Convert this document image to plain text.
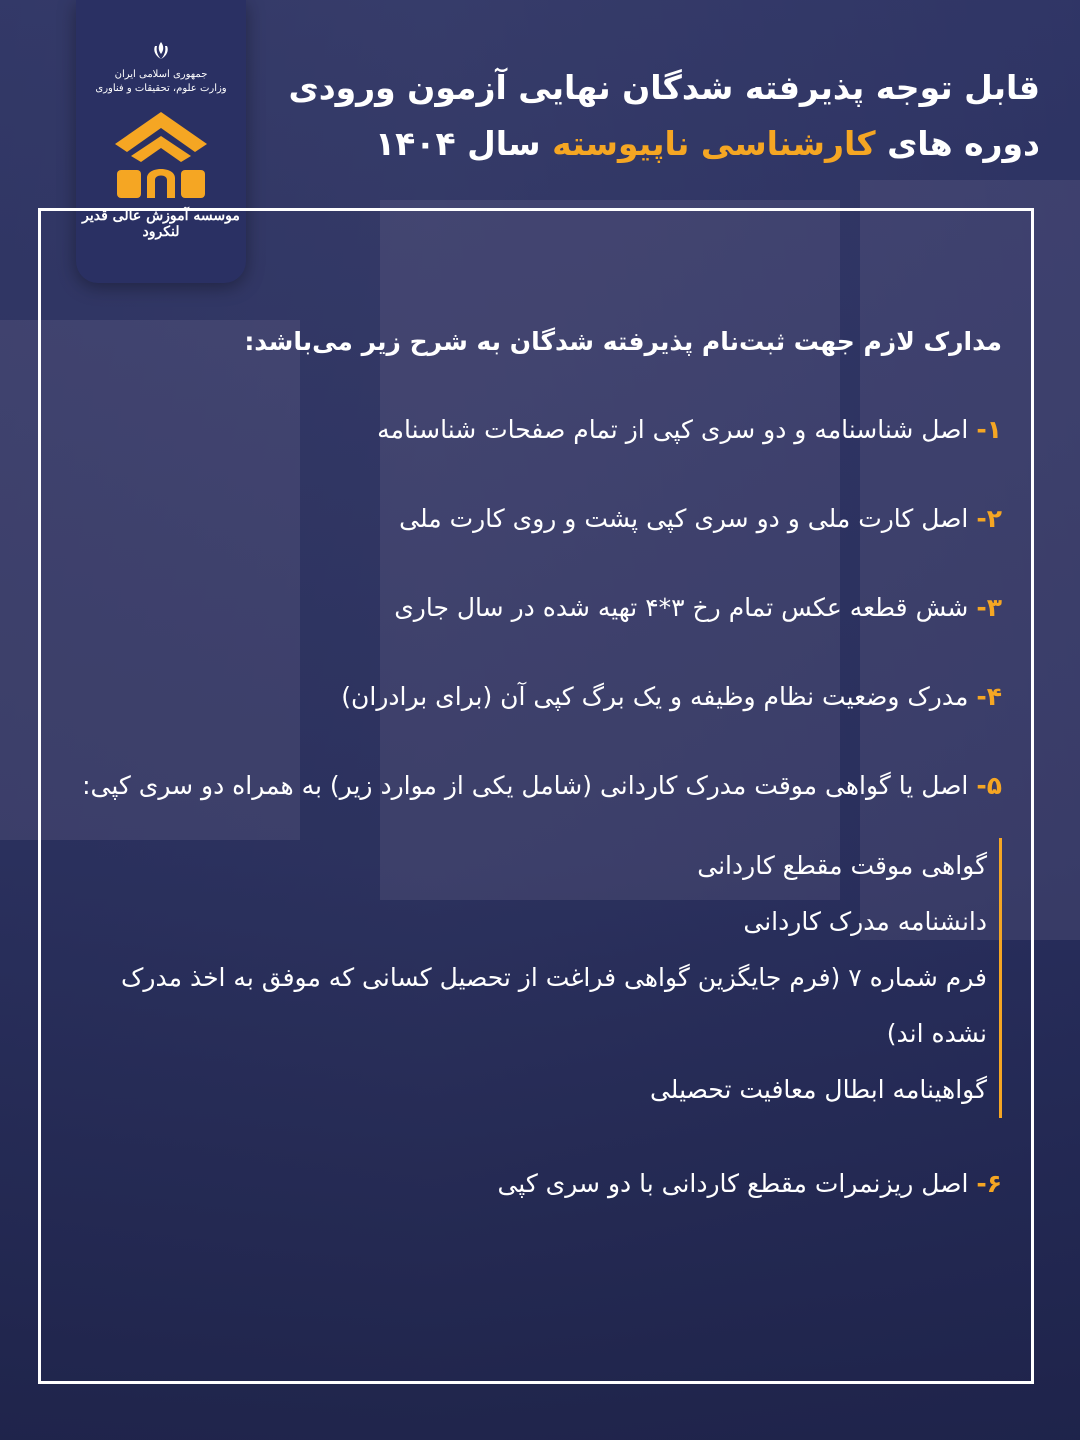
جمهوری اسلامی ایران
وزارت علوم، تحقیقات و فناوری
موسسه آموزش عالی قدیر لنکرود
قابل توجه پذیرفته شدگان نهایی آزمون ورودی
دوره های کارشناسی ناپیوسته سال ۱۴۰۴
مدارک لازم جهت ثبت‌نام پذیرفته شدگان به شرح زیر می‌باشد:
۱- اصل شناسنامه و دو سری کپی از تمام صفحات شناسنامه
۲- اصل کارت ملی و دو سری کپی پشت و روی کارت ملی
۳- شش قطعه عکس تمام رخ ۳*۴ تهیه شده در سال جاری
۴- مدرک وضعیت نظام وظیفه و یک برگ کپی آن (برای برادران)
۵- اصل یا گواهی موقت مدرک کاردانی (شامل یکی از موارد زیر) به همراه دو سری کپی:
گواهی موقت مقطع کاردانی
دانشنامه مدرک کاردانی
فرم شماره ۷ (فرم جایگزین گواهی فراغت از تحصیل کسانی که موفق به اخذ مدرک نشده اند)
گواهینامه ابطال معافیت تحصیلی
۶- اصل ریزنمرات مقطع کاردانی با دو سری کپی
